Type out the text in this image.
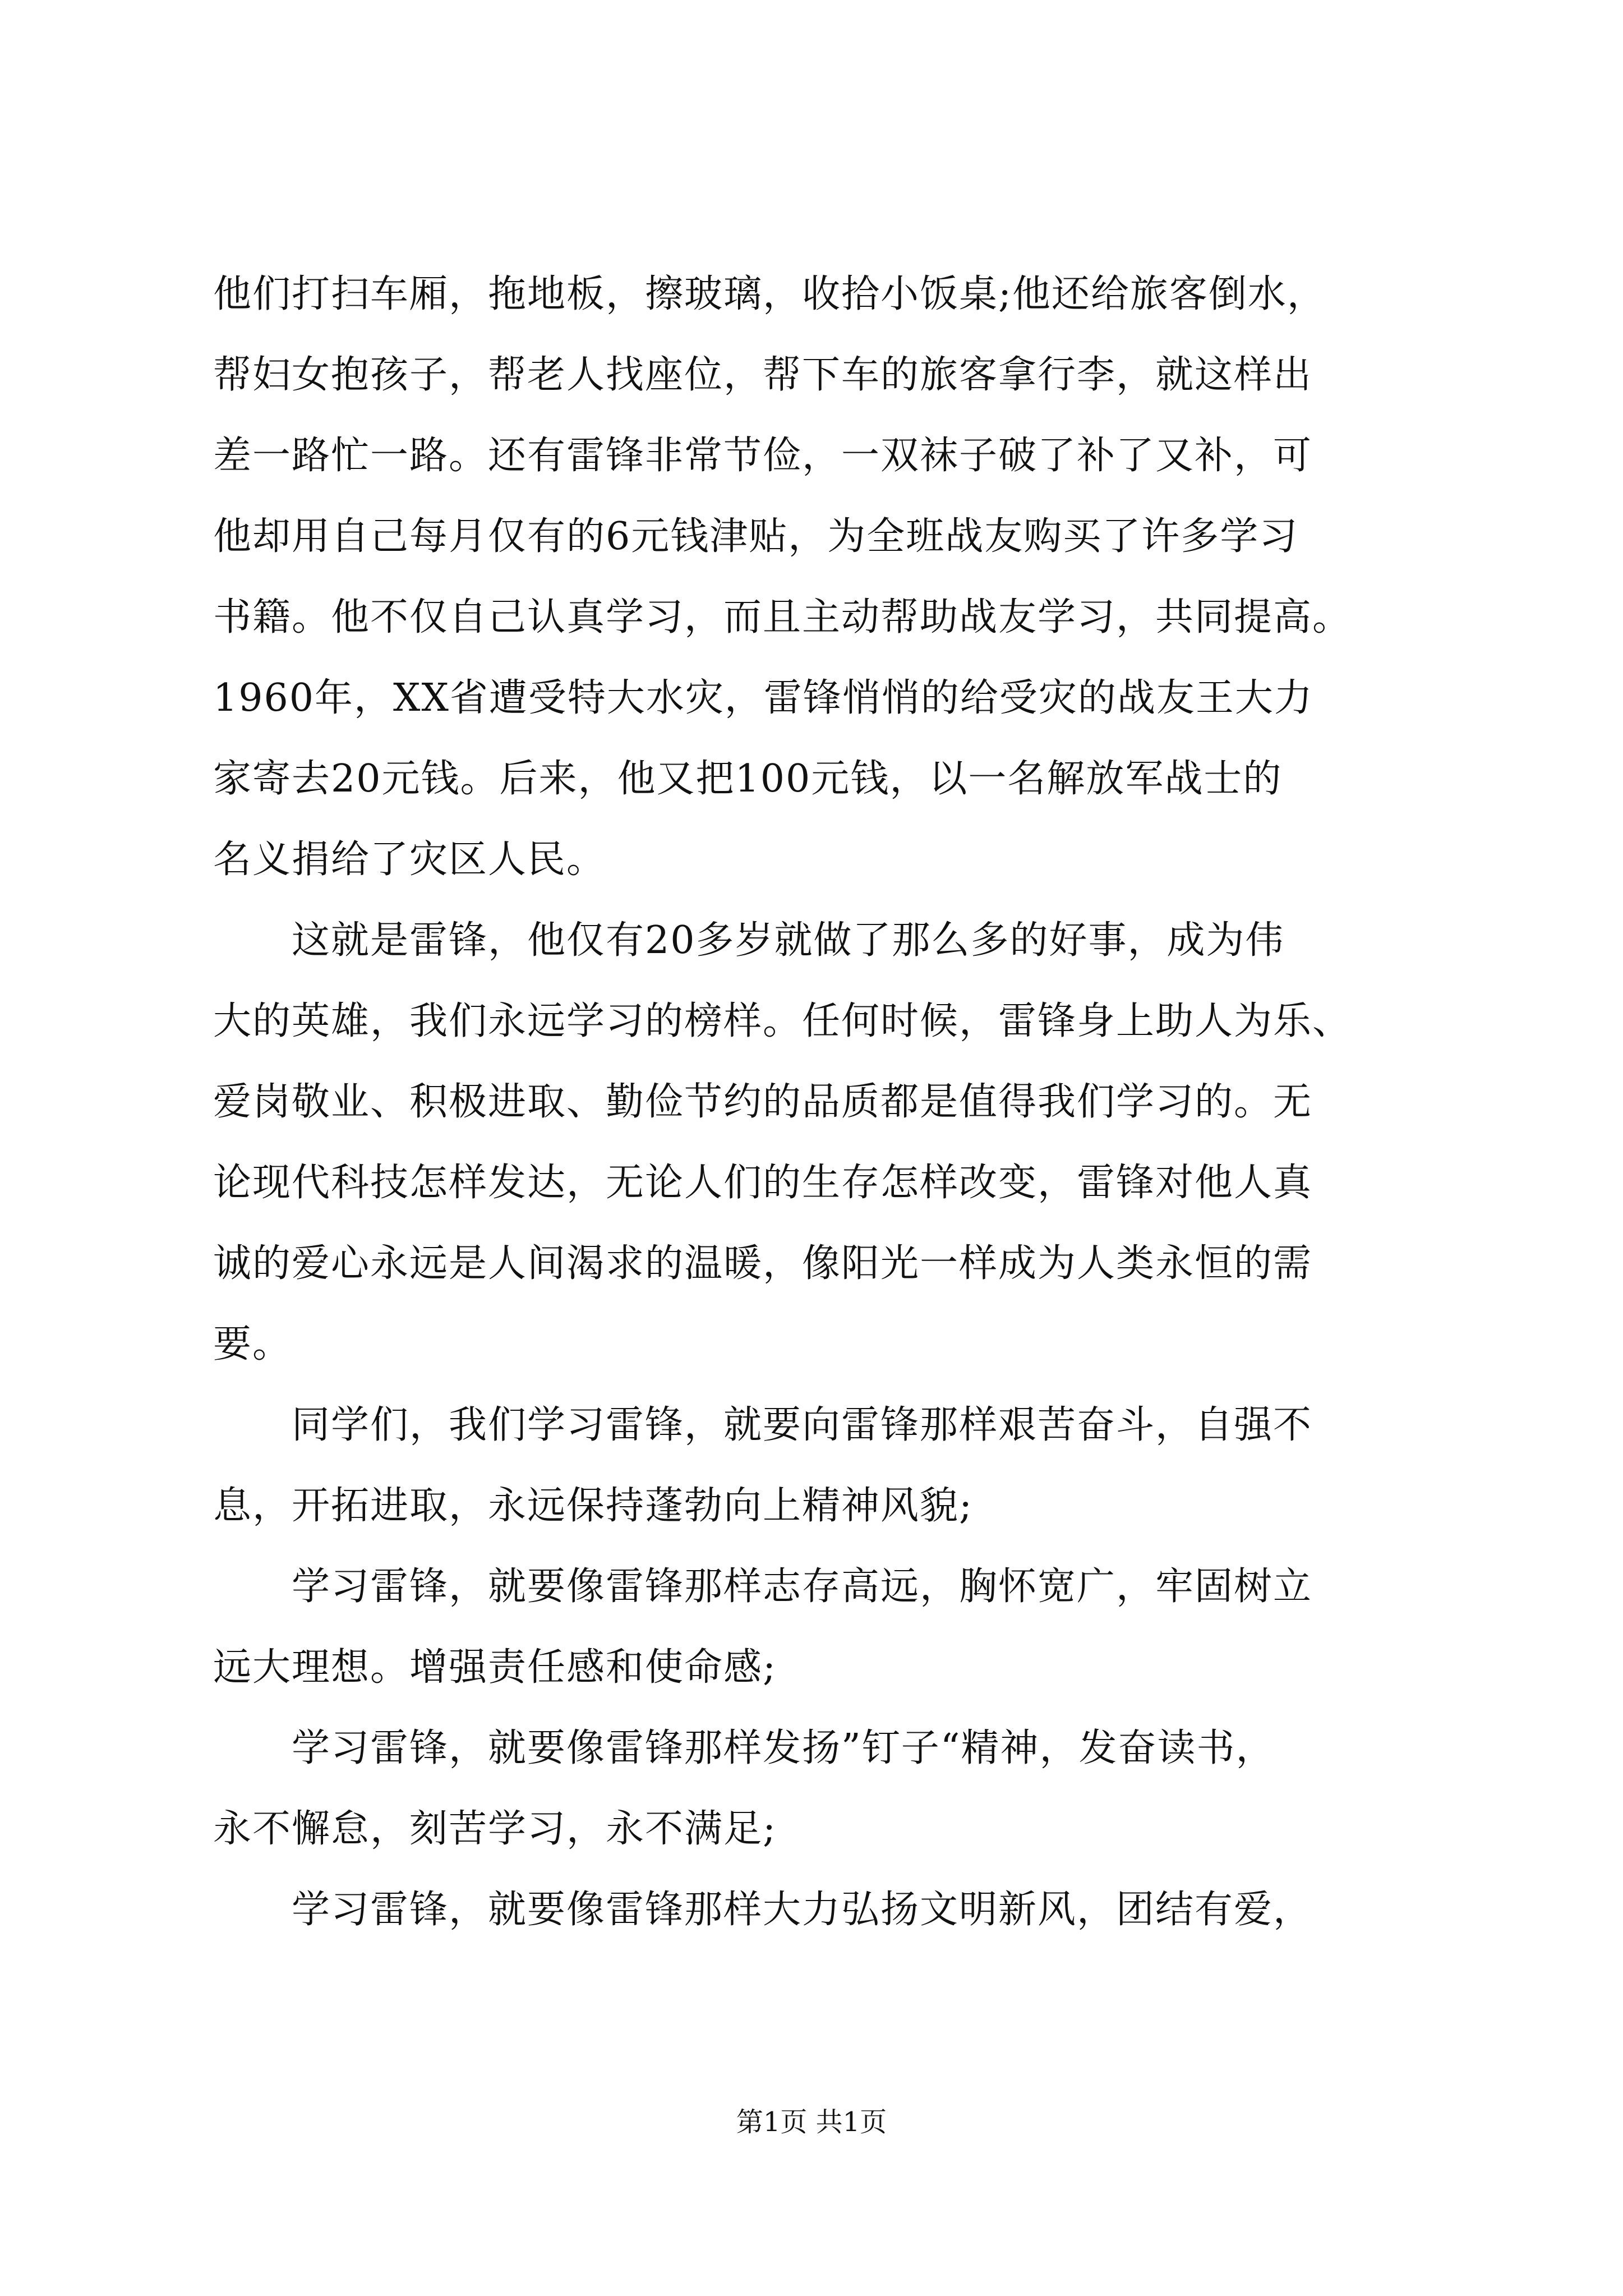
他们打扫车厢，拖地板，擦玻璃，收拾小饭桌;他还给旅客倒水，
帮妇女抱孩子，帮老人找座位，帮下车的旅客拿行李，就这样出
差一路忙一路。还有雷锋非常节俭，一双袜子破了补了又补，可
他却用自己每月仅有的6元钱津贴，为全班战友购买了许多学习
书籍。他不仅自己认真学习，而且主动帮助战友学习，共同提高。
1960年，XX省遭受特大水灾，雷锋悄悄的给受灾的战友王大力
家寄去20元钱。后来，他又把100元钱，以一名解放军战士的
名义捐给了灾区人民。
　　这就是雷锋，他仅有20多岁就做了那么多的好事，成为伟
大的英雄，我们永远学习的榜样。任何时候，雷锋身上助人为乐、
爱岗敬业、积极进取、勤俭节约的品质都是值得我们学习的。无
论现代科技怎样发达，无论人们的生存怎样改变，雷锋对他人真
诚的爱心永远是人间渴求的温暖，像阳光一样成为人类永恒的需
要。
　　同学们，我们学习雷锋，就要向雷锋那样艰苦奋斗，自强不
息，开拓进取，永远保持蓬勃向上精神风貌;
　　学习雷锋，就要像雷锋那样志存高远，胸怀宽广，牢固树立
远大理想。增强责任感和使命感;
　　学习雷锋，就要像雷锋那样发扬”钉子“精神，发奋读书，
永不懈怠，刻苦学习，永不满足;
　　学习雷锋，就要像雷锋那样大力弘扬文明新风，团结有爱，
第1页 共1页
